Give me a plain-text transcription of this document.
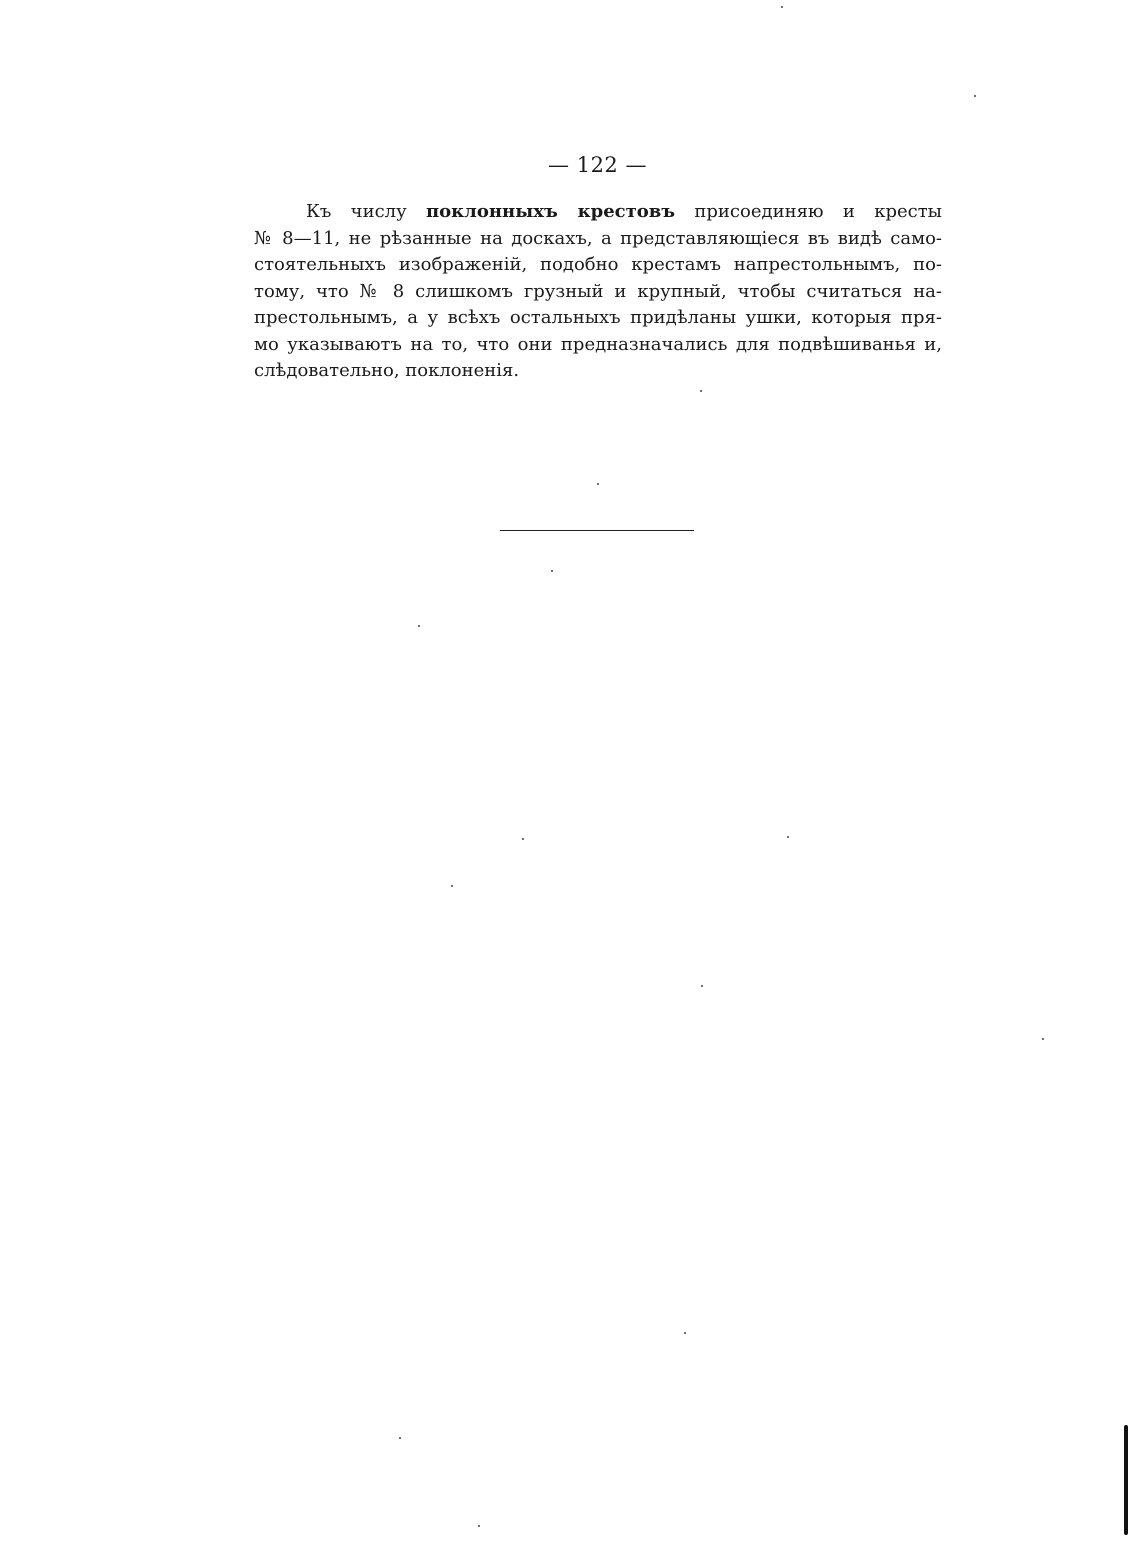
— 122 —
Къ числу поклонныхъ крестовъ присоединяю и кресты
№ 8—11, не рѣзанные на доскахъ, а представляющіеся въ видѣ само-
стоятельныхъ изображеній, подобно крестамъ напрестольнымъ, по-
тому, что № 8 слишкомъ грузный и крупный, чтобы считаться на-
престольнымъ, а у всѣхъ остальныхъ придѣланы ушки, которыя пря-
мо указываютъ на то, что они предназначались для подвѣшиванья и,
слѣдовательно, поклоненія.
